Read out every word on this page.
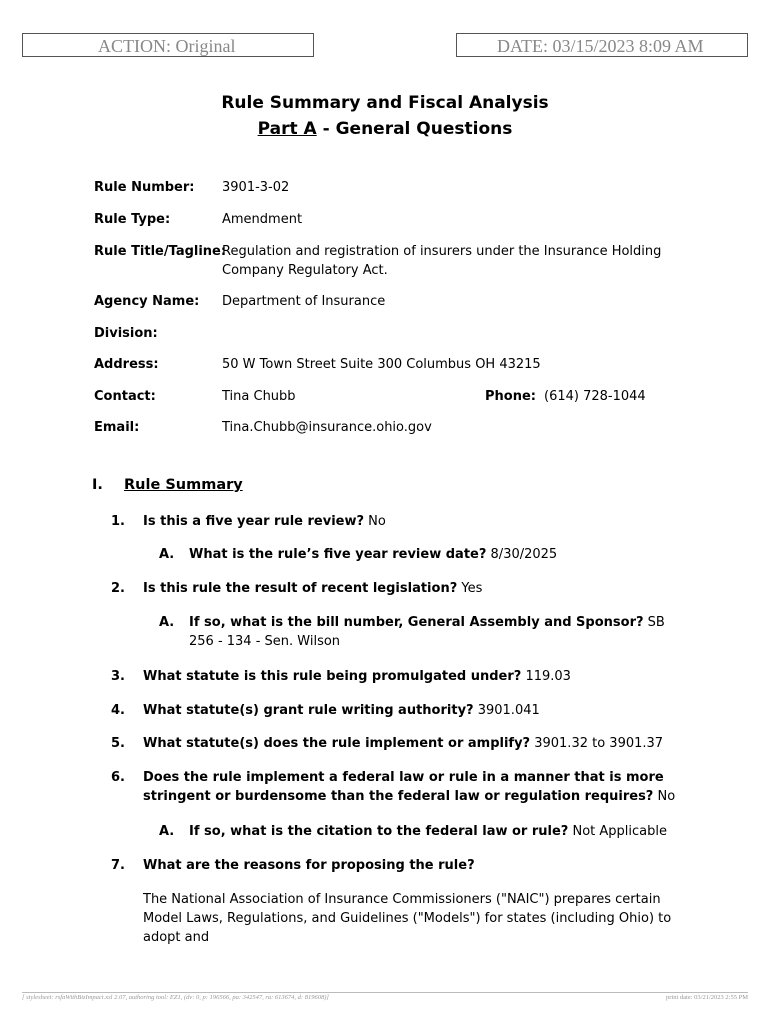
ACTION: Original	DATE: 03/15/2023 8:09 AM
Rule Summary and Fiscal Analysis
Part A - General Questions
Rule Number: 3901-3-02
Rule Type:	Amendment
Rule Title/Tagline:
Regulation and registration of insurers under the Insurance Holding Company Regulatory Act.
Agency Name: Department of Insurance
Division:
Address:	50 W Town Street Suite 300 Columbus OH 43215
Contact:	Tina Chubb	Phone: (614) 728-1044
Email:	Tina.Chubb@insurance.ohio.gov
I. Rule Summary
1. Is this a five year rule review? No
A. What is the rule’s five year review date? 8/30/2025
2. Is this rule the result of recent legislation? Yes
A. If so, what is the bill number, General Assembly and Sponsor? SB 256 - 134 - Sen. Wilson
3. What statute is this rule being promulgated under? 119.03
4. What statute(s) grant rule writing authority? 3901.041
5. What statute(s) does the rule implement or amplify? 3901.32 to 3901.37
6. Does the rule implement a federal law or rule in a manner that is more stringent or burdensome than the federal law or regulation requires? No
A. If so, what is the citation to the federal law or rule? Not Applicable
7. What are the reasons for proposing the rule?
The National Association of Insurance Commissioners ("NAIC") prepares certain Model Laws, Regulations, and Guidelines ("Models") for states (including Ohio) to adopt and
[ stylesheet: rsfaWithBizImpact.xsl 2.07, authoring tool: EZ1, (dv: 0, p: 196566, pa: 342547, ra: 613674, d: 819608)]	print date: 03/21/2023 2:55 PM
